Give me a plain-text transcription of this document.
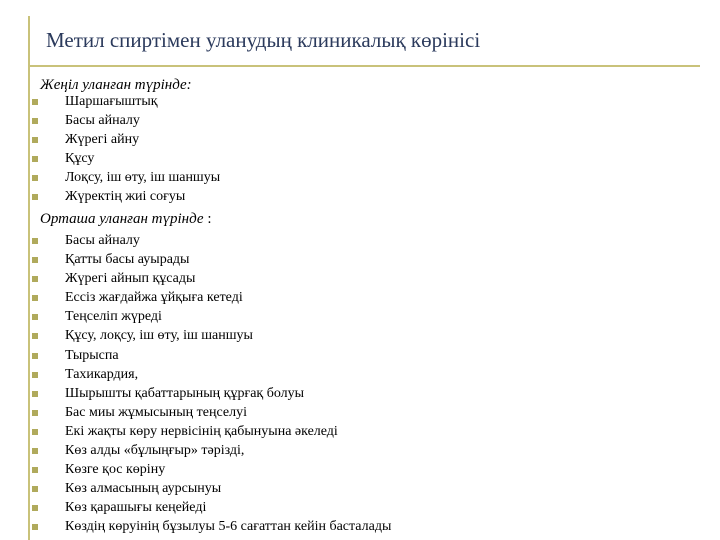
Метил спиртімен уланудың клиникалық көрінісі
Жеңіл уланған түрінде:
Шаршағыштық
Басы айналу
Жүрегі айну
Құсу
Лоқсу, іш өту, іш шаншуы
Жүректің жиі соғуы
Орташа уланған түрінде :
Басы айналу
Қатты басы ауырады
Жүрегі айнып құсады
Ессіз жағдайжа ұйқыға кетеді
Теңселіп жүреді
Құсу, лоқсу, іш өту, іш шаншуы
Тырыспа
Тахикардия,
Шырышты қабаттарының құрғақ болуы
Бас миы жұмысының теңселуі
Екі жақты көру нервісінің қабынуына әкеледі
Көз алды «бұлыңғыр» тәрізді,
Көзге қос көріну
Көз алмасының аурсынуы
Көз қарашығы кеңейеді
Көздің көруінің бұзылуы 5-6 сағаттан кейін басталады
